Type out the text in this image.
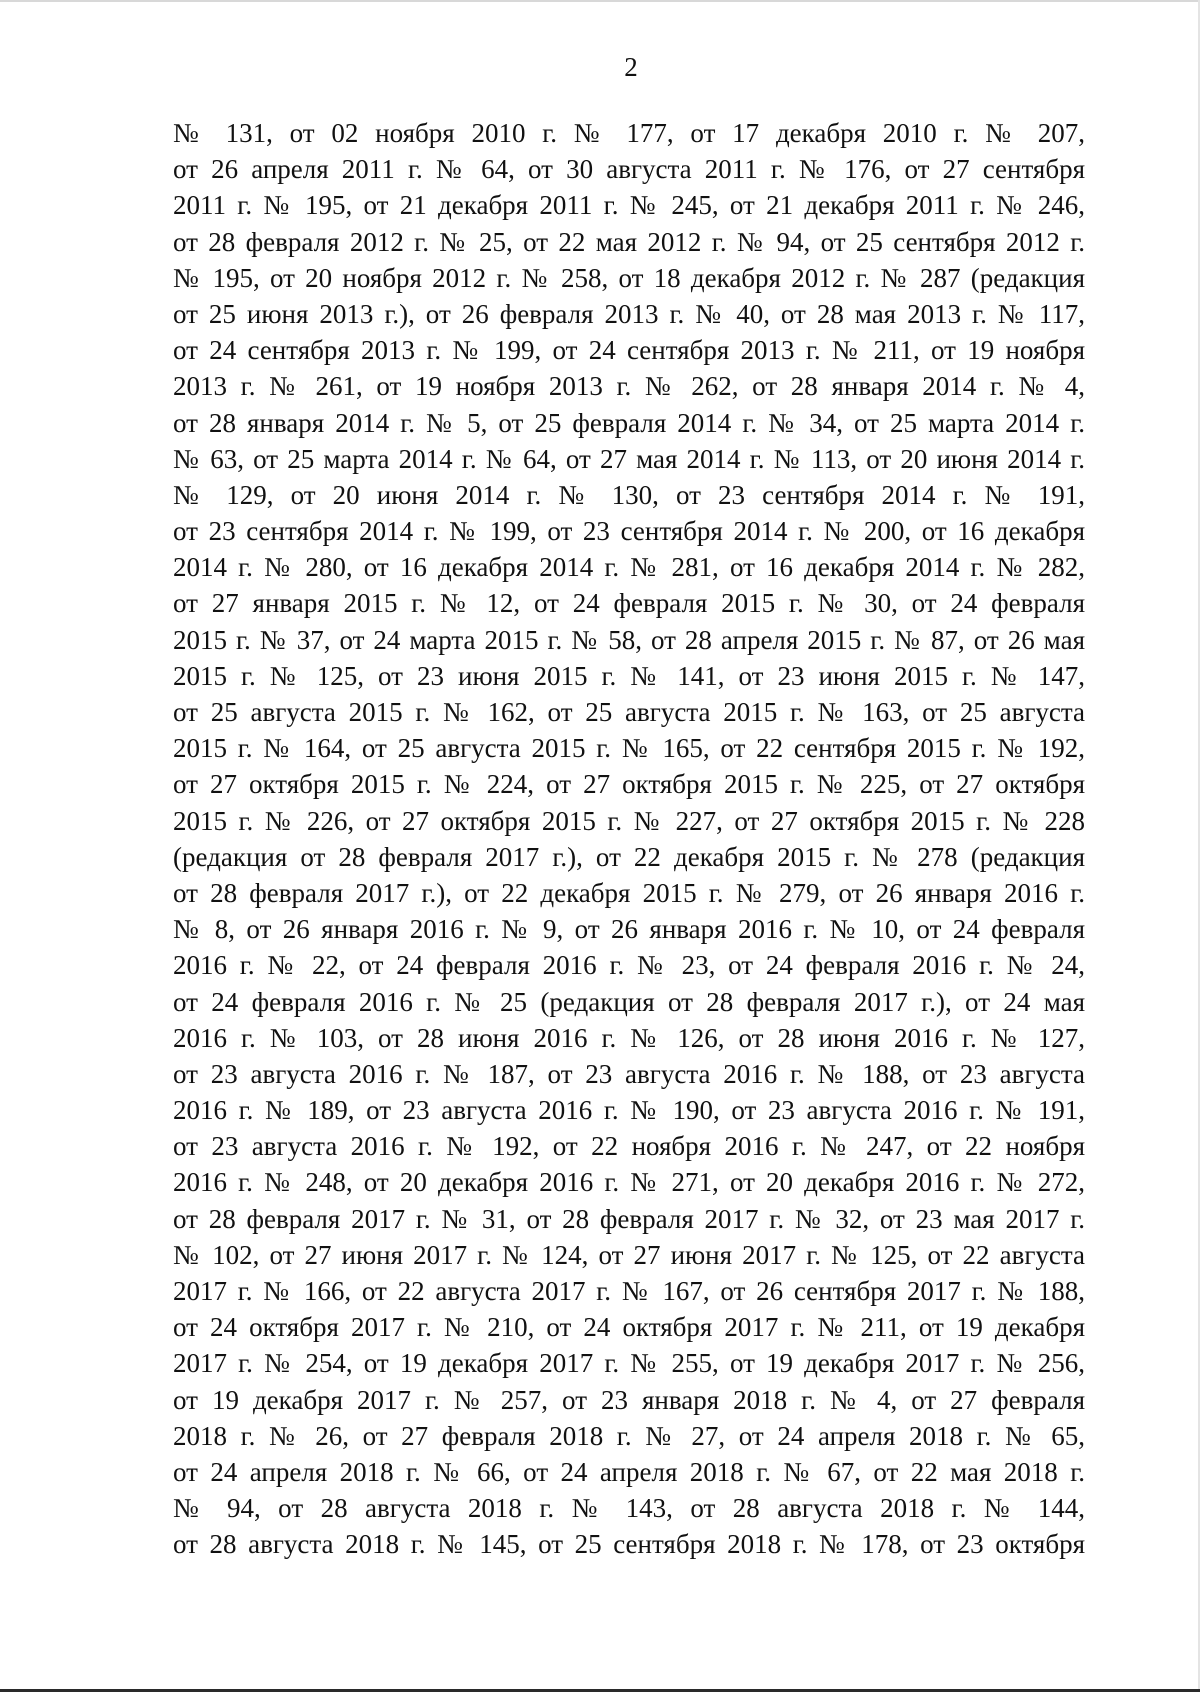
2
№ 131, от 02 ноября 2010 г. № 177, от 17 декабря 2010 г. № 207,
от 26 апреля 2011 г. № 64, от 30 августа 2011 г. № 176, от 27 сентября
2011 г. № 195, от 21 декабря 2011 г. № 245, от 21 декабря 2011 г. № 246,
от 28 февраля 2012 г. № 25, от 22 мая 2012 г. № 94, от 25 сентября 2012 г.
№ 195, от 20 ноября 2012 г. № 258, от 18 декабря 2012 г. № 287 (редакция
от 25 июня 2013 г.), от 26 февраля 2013 г. № 40, от 28 мая 2013 г. № 117,
от 24 сентября 2013 г. № 199, от 24 сентября 2013 г. № 211, от 19 ноября
2013 г. № 261, от 19 ноября 2013 г. № 262, от 28 января 2014 г. № 4,
от 28 января 2014 г. № 5, от 25 февраля 2014 г. № 34, от 25 марта 2014 г.
№ 63, от 25 марта 2014 г. № 64, от 27 мая 2014 г. № 113, от 20 июня 2014 г.
№ 129, от 20 июня 2014 г. № 130, от 23 сентября 2014 г. № 191,
от 23 сентября 2014 г. № 199, от 23 сентября 2014 г. № 200, от 16 декабря
2014 г. № 280, от 16 декабря 2014 г. № 281, от 16 декабря 2014 г. № 282,
от 27 января 2015 г. № 12, от 24 февраля 2015 г. № 30, от 24 февраля
2015 г. № 37, от 24 марта 2015 г. № 58, от 28 апреля 2015 г. № 87, от 26 мая
2015 г. № 125, от 23 июня 2015 г. № 141, от 23 июня 2015 г. № 147,
от 25 августа 2015 г. № 162, от 25 августа 2015 г. № 163, от 25 августа
2015 г. № 164, от 25 августа 2015 г. № 165, от 22 сентября 2015 г. № 192,
от 27 октября 2015 г. № 224, от 27 октября 2015 г. № 225, от 27 октября
2015 г. № 226, от 27 октября 2015 г. № 227, от 27 октября 2015 г. № 228
(редакция от 28 февраля 2017 г.), от 22 декабря 2015 г. № 278 (редакция
от 28 февраля 2017 г.), от 22 декабря 2015 г. № 279, от 26 января 2016 г.
№ 8, от 26 января 2016 г. № 9, от 26 января 2016 г. № 10, от 24 февраля
2016 г. № 22, от 24 февраля 2016 г. № 23, от 24 февраля 2016 г. № 24,
от 24 февраля 2016 г. № 25 (редакция от 28 февраля 2017 г.), от 24 мая
2016 г. № 103, от 28 июня 2016 г. № 126, от 28 июня 2016 г. № 127,
от 23 августа 2016 г. № 187, от 23 августа 2016 г. № 188, от 23 августа
2016 г. № 189, от 23 августа 2016 г. № 190, от 23 августа 2016 г. № 191,
от 23 августа 2016 г. № 192, от 22 ноября 2016 г. № 247, от 22 ноября
2016 г. № 248, от 20 декабря 2016 г. № 271, от 20 декабря 2016 г. № 272,
от 28 февраля 2017 г. № 31, от 28 февраля 2017 г. № 32, от 23 мая 2017 г.
№ 102, от 27 июня 2017 г. № 124, от 27 июня 2017 г. № 125, от 22 августа
2017 г. № 166, от 22 августа 2017 г. № 167, от 26 сентября 2017 г. № 188,
от 24 октября 2017 г. № 210, от 24 октября 2017 г. № 211, от 19 декабря
2017 г. № 254, от 19 декабря 2017 г. № 255, от 19 декабря 2017 г. № 256,
от 19 декабря 2017 г. № 257, от 23 января 2018 г. № 4, от 27 февраля
2018 г. № 26, от 27 февраля 2018 г. № 27, от 24 апреля 2018 г. № 65,
от 24 апреля 2018 г. № 66, от 24 апреля 2018 г. № 67, от 22 мая 2018 г.
№ 94, от 28 августа 2018 г. № 143, от 28 августа 2018 г. № 144,
от 28 августа 2018 г. № 145, от 25 сентября 2018 г. № 178, от 23 октября
